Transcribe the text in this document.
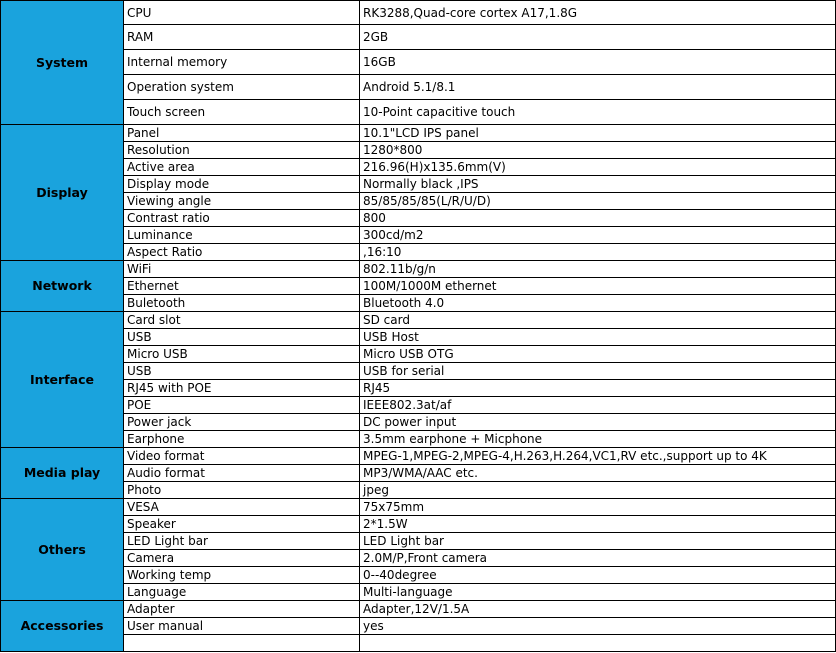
System	CPU	RK3288,Quad-core cortex A17,1.8G
	RAM	2GB
	Internal memory	16GB
	Operation system	Android 5.1/8.1
	Touch screen	10-Point capacitive touch
Display	Panel	10.1"LCD IPS panel
	Resolution	1280*800
	Active area	216.96(H)x135.6mm(V)
	Display mode	Normally black ,IPS
	Viewing angle	85/85/85/85(L/R/U/D)
	Contrast ratio	800
	Luminance	300cd/m2
	Aspect Ratio	,16:10
Network	WiFi	802.11b/g/n
	Ethernet	100M/1000M ethernet
	Buletooth	Bluetooth 4.0
Interface	Card slot	SD card
	USB	USB Host
	Micro USB	Micro USB OTG
	USB	USB for serial
	RJ45 with POE	RJ45
	POE	IEEE802.3at/af
	Power jack	DC power input
	Earphone	3.5mm earphone + Micphone
Media play	Video format	MPEG-1,MPEG-2,MPEG-4,H.263,H.264,VC1,RV etc.,support up to 4K
	Audio format	MP3/WMA/AAC etc.
	Photo	jpeg
Others	VESA	75x75mm
	Speaker	2*1.5W
	LED Light bar	LED Light bar
	Camera	2.0M/P,Front camera
	Working temp	0--40degree
	Language	Multi-language
Accessories	Adapter	Adapter,12V/1.5A
	User manual	yes
